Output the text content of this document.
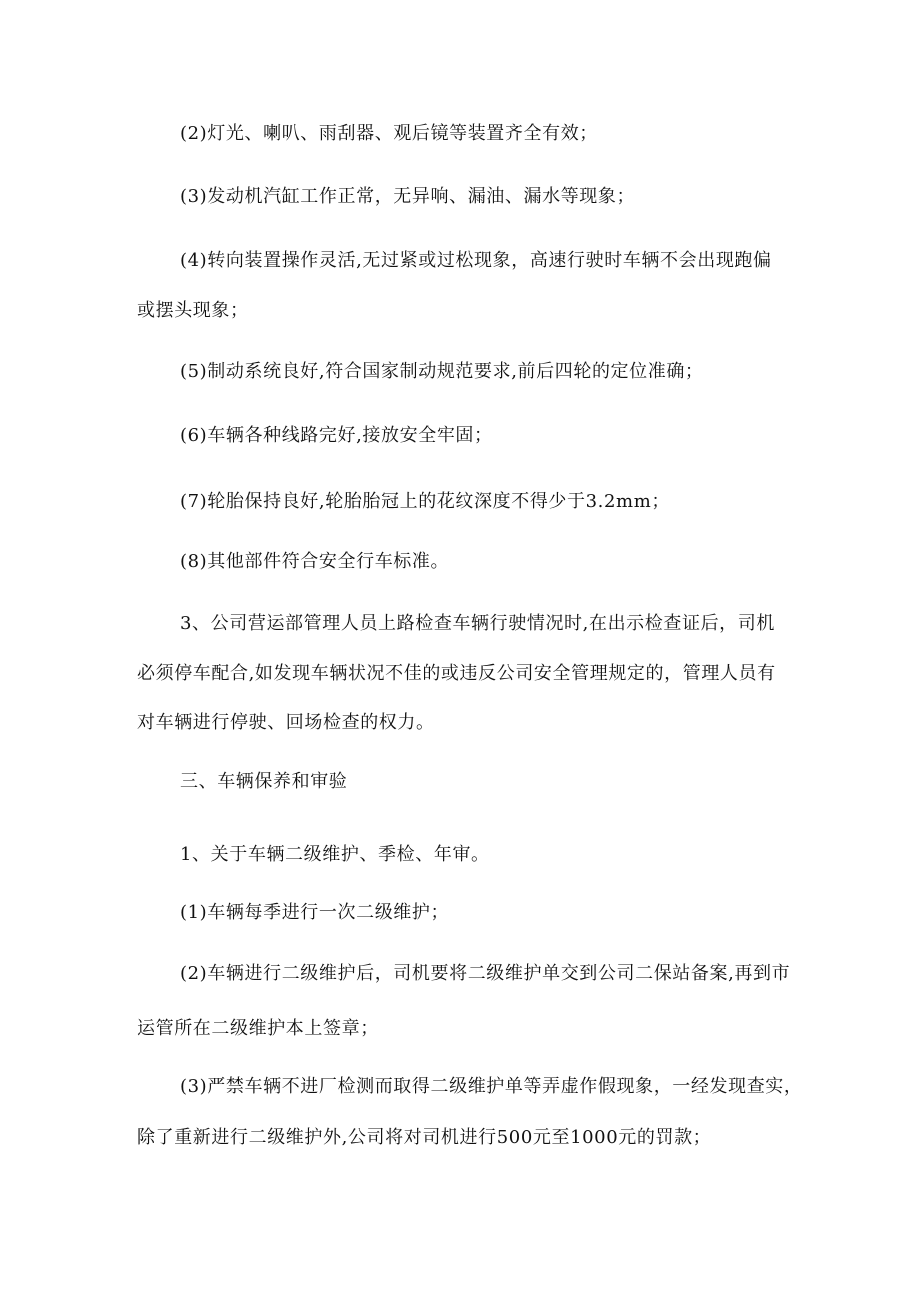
(2)灯光、喇叭、雨刮器、观后镜等装置齐全有效；
(3)发动机汽缸工作正常，无异响、漏油、漏水等现象；
(4)转向装置操作灵活,无过紧或过松现象，高速行驶时车辆不会出现跑偏
或摆头现象；
(5)制动系统良好,符合国家制动规范要求,前后四轮的定位准确；
(6)车辆各种线路完好,接放安全牢固；
(7)轮胎保持良好,轮胎胎冠上的花纹深度不得少于3.2mm；
(8)其他部件符合安全行车标准。
3、公司营运部管理人员上路检查车辆行驶情况时,在出示检查证后，司机
必须停车配合,如发现车辆状况不佳的或违反公司安全管理规定的，管理人员有
对车辆进行停驶、回场检查的权力。
三、车辆保养和审验
1、关于车辆二级维护、季检、年审。
(1)车辆每季进行一次二级维护；
(2)车辆进行二级维护后，司机要将二级维护单交到公司二保站备案,再到市
运管所在二级维护本上签章；
(3)严禁车辆不进厂检测而取得二级维护单等弄虚作假现象，一经发现查实，
除了重新进行二级维护外,公司将对司机进行500元至1000元的罚款；
